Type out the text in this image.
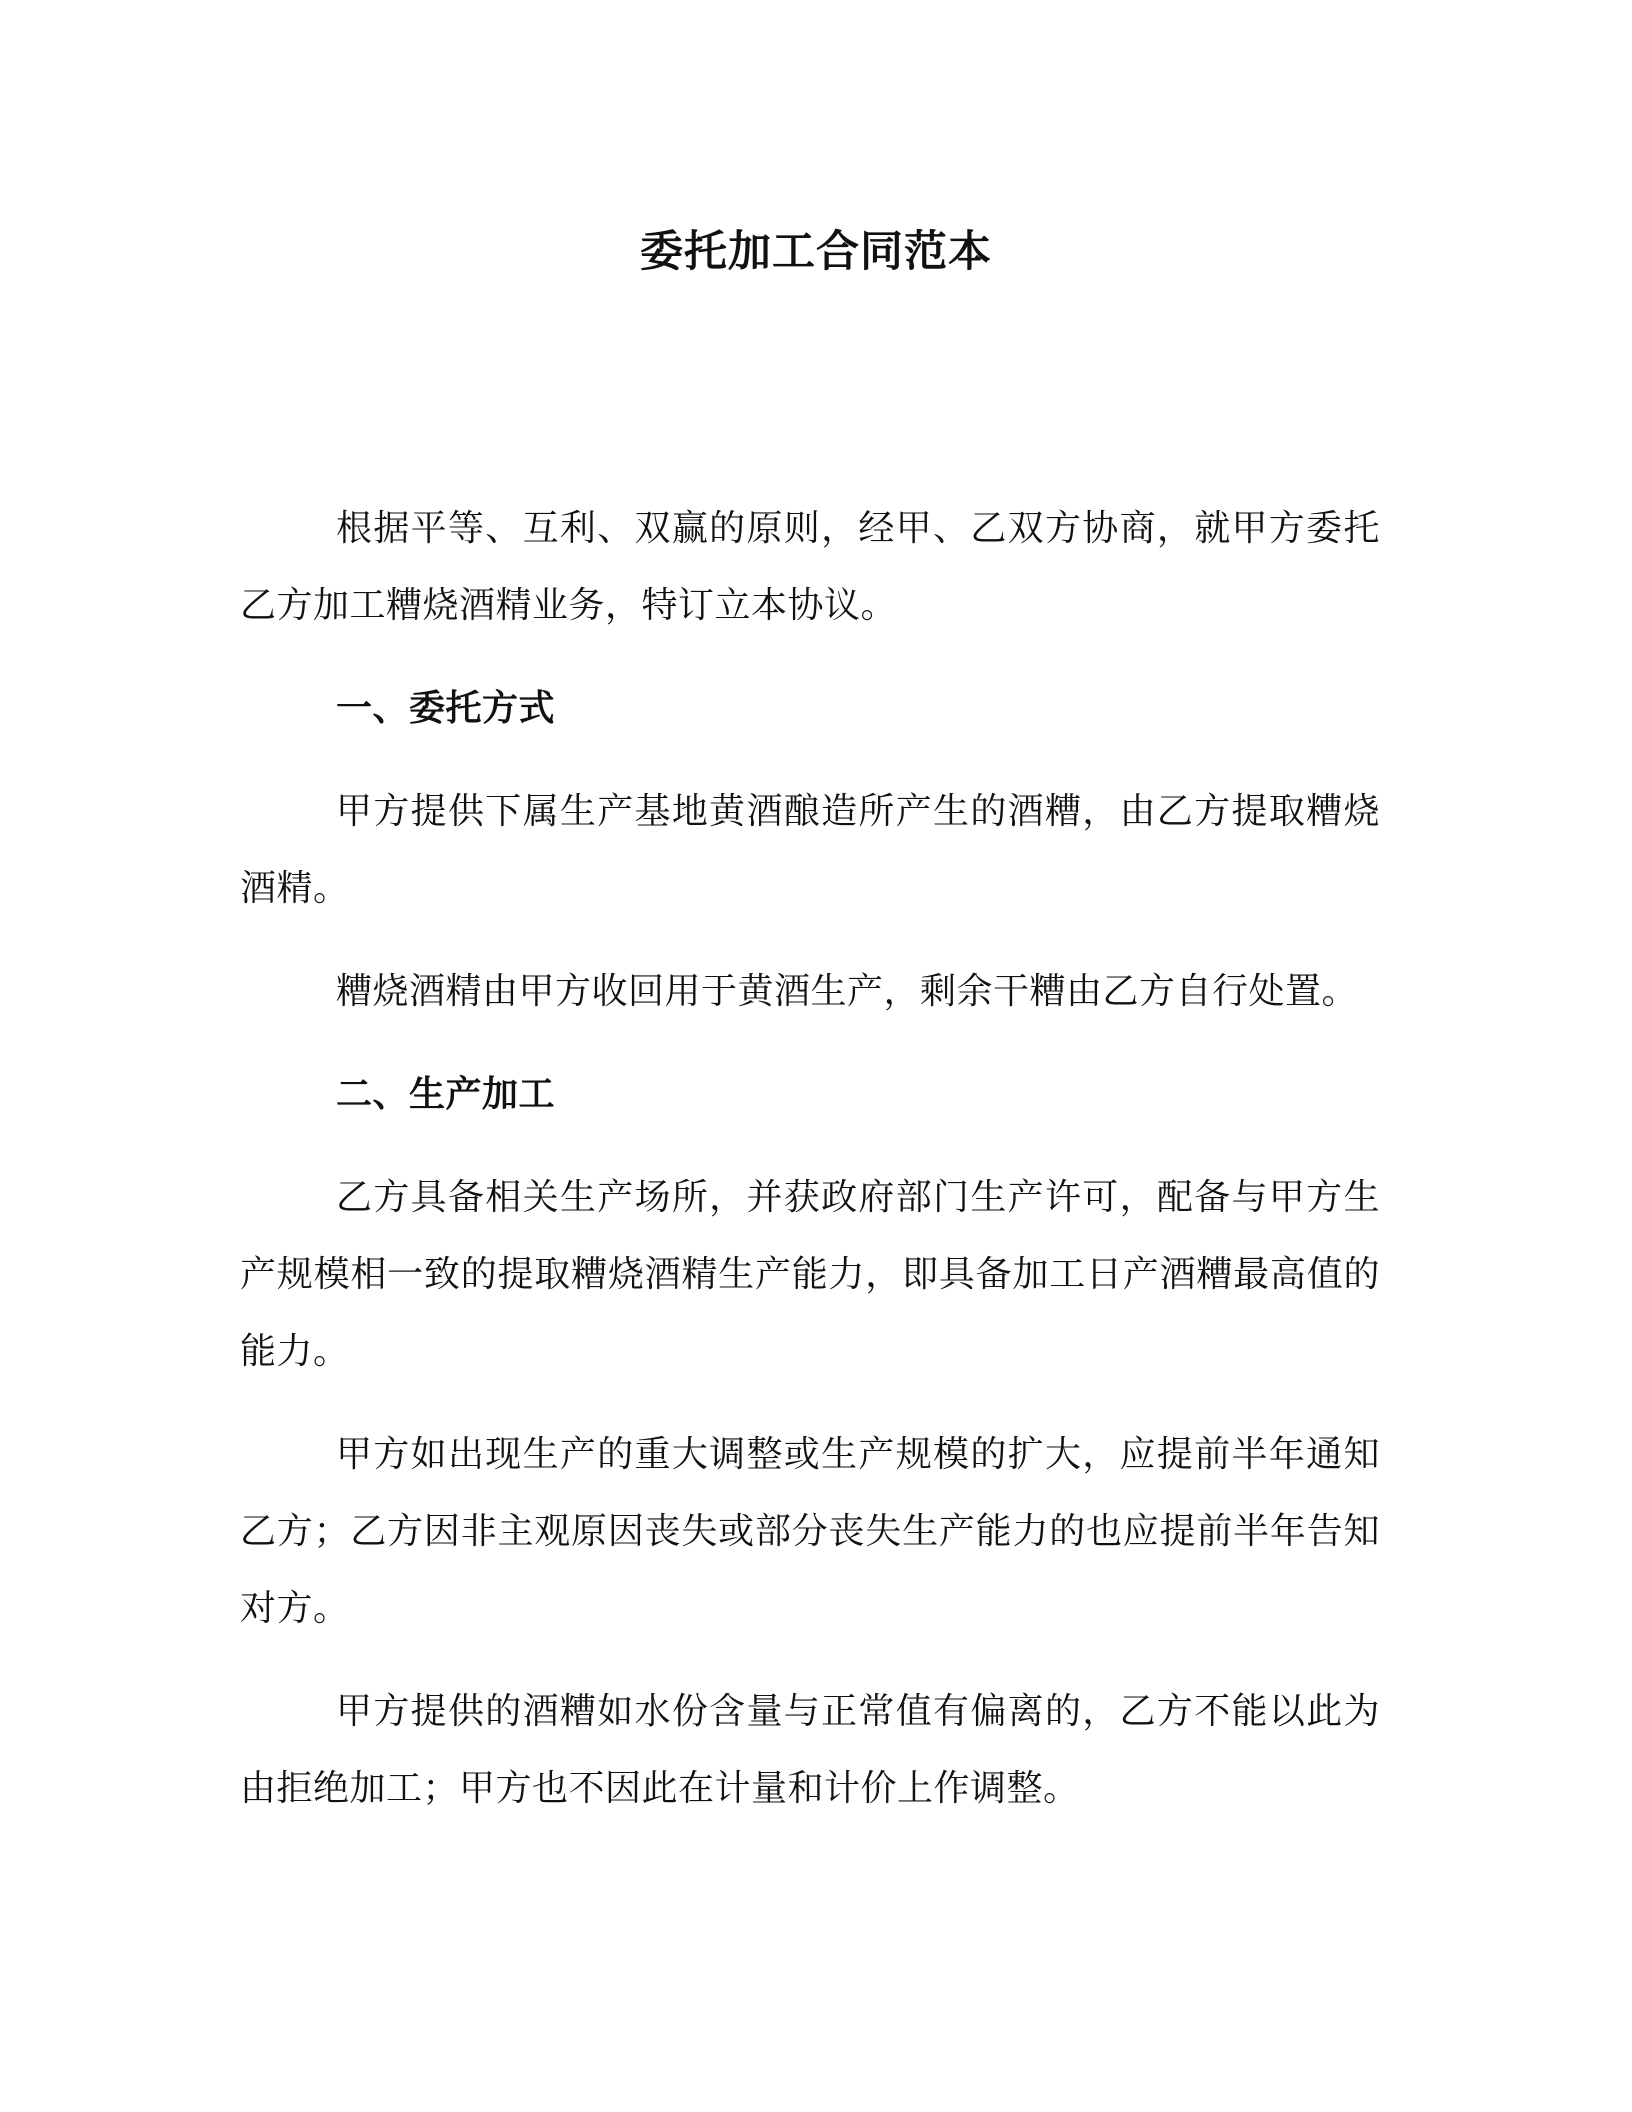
委托加工合同范本

根据平等、互利、双赢的原则，经甲、乙双方协商，就甲方委托乙方加工糟烧酒精业务，特订立本协议。

一、委托方式

甲方提供下属生产基地黄酒酿造所产生的酒糟，由乙方提取糟烧酒精。

糟烧酒精由甲方收回用于黄酒生产，剩余干糟由乙方自行处置。

二、生产加工

乙方具备相关生产场所，并获政府部门生产许可，配备与甲方生产规模相一致的提取糟烧酒精生产能力，即具备加工日产酒糟最高值的能力。

甲方如出现生产的重大调整或生产规模的扩大，应提前半年通知乙方；乙方因非主观原因丧失或部分丧失生产能力的也应提前半年告知对方。

甲方提供的酒糟如水份含量与正常值有偏离的，乙方不能以此为由拒绝加工；甲方也不因此在计量和计价上作调整。
